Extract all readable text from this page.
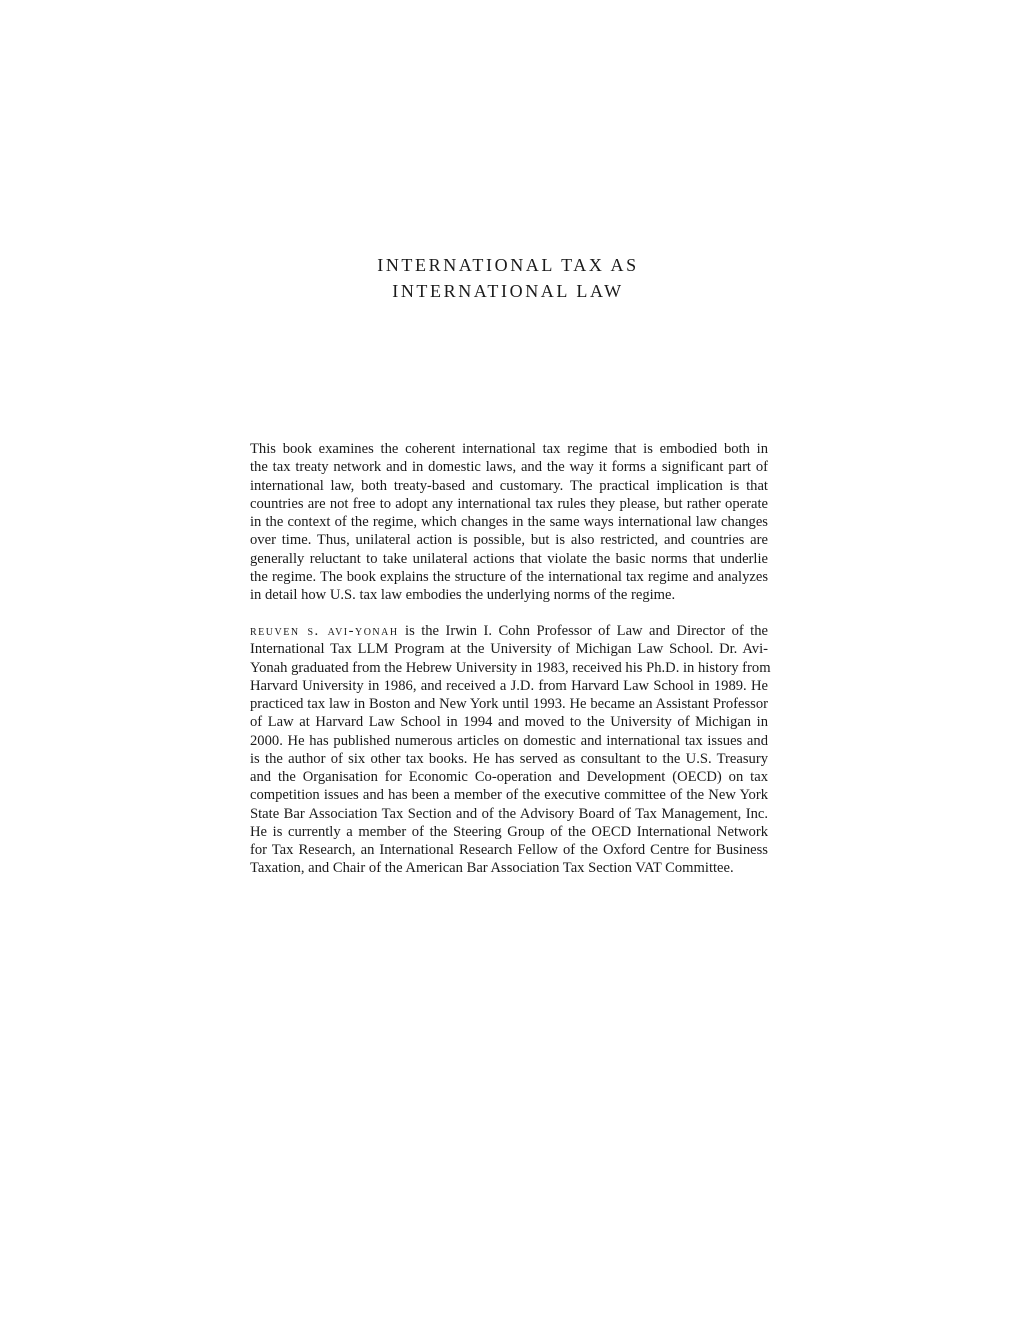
INTERNATIONAL TAX AS
INTERNATIONAL LAW
This book examines the coherent international tax regime that is embodied both in
the tax treaty network and in domestic laws, and the way it forms a significant part of
international law, both treaty-based and customary. The practical implication is that
countries are not free to adopt any international tax rules they please, but rather operate
in the context of the regime, which changes in the same ways international law changes
over time. Thus, unilateral action is possible, but is also restricted, and countries are
generally reluctant to take unilateral actions that violate the basic norms that underlie
the regime. The book explains the structure of the international tax regime and analyzes
in detail how U.S. tax law embodies the underlying norms of the regime.
reuven s. avi-yonah is the Irwin I. Cohn Professor of Law and Director of the
International Tax LLM Program at the University of Michigan Law School. Dr. Avi-
Yonah graduated from the Hebrew University in 1983, received his Ph.D. in history from
Harvard University in 1986, and received a J.D. from Harvard Law School in 1989. He
practiced tax law in Boston and New York until 1993. He became an Assistant Professor
of Law at Harvard Law School in 1994 and moved to the University of Michigan in
2000. He has published numerous articles on domestic and international tax issues and
is the author of six other tax books. He has served as consultant to the U.S. Treasury
and the Organisation for Economic Co-operation and Development (OECD) on tax
competition issues and has been a member of the executive committee of the New York
State Bar Association Tax Section and of the Advisory Board of Tax Management, Inc.
He is currently a member of the Steering Group of the OECD International Network
for Tax Research, an International Research Fellow of the Oxford Centre for Business
Taxation, and Chair of the American Bar Association Tax Section VAT Committee.
